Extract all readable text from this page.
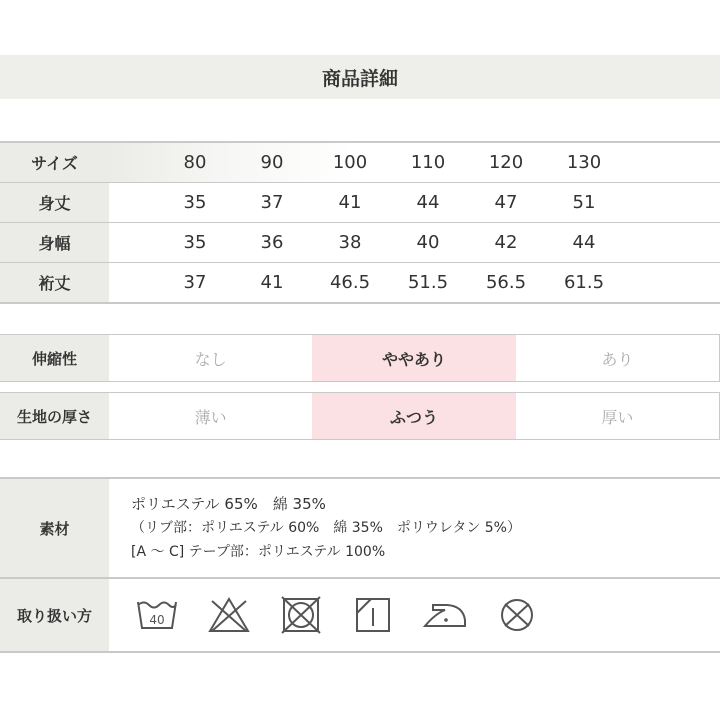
商品詳細
サイズ	80	90	100	110	120	130
身丈	35	37	41	44	47	51
身幅	35	36	38	40	42	44
裄丈	37	41	46.5	51.5	56.5	61.5
伸縮性	なし	ややあり	あり
生地の厚さ	薄い	ふつう	厚い
素材
ポリエステル 65%　綿 35%
（リブ部：ポリエステル 60%　綿 35%　ポリウレタン 5%）
[A ～ C] テープ部：ポリエステル 100%
取り扱い方	40
